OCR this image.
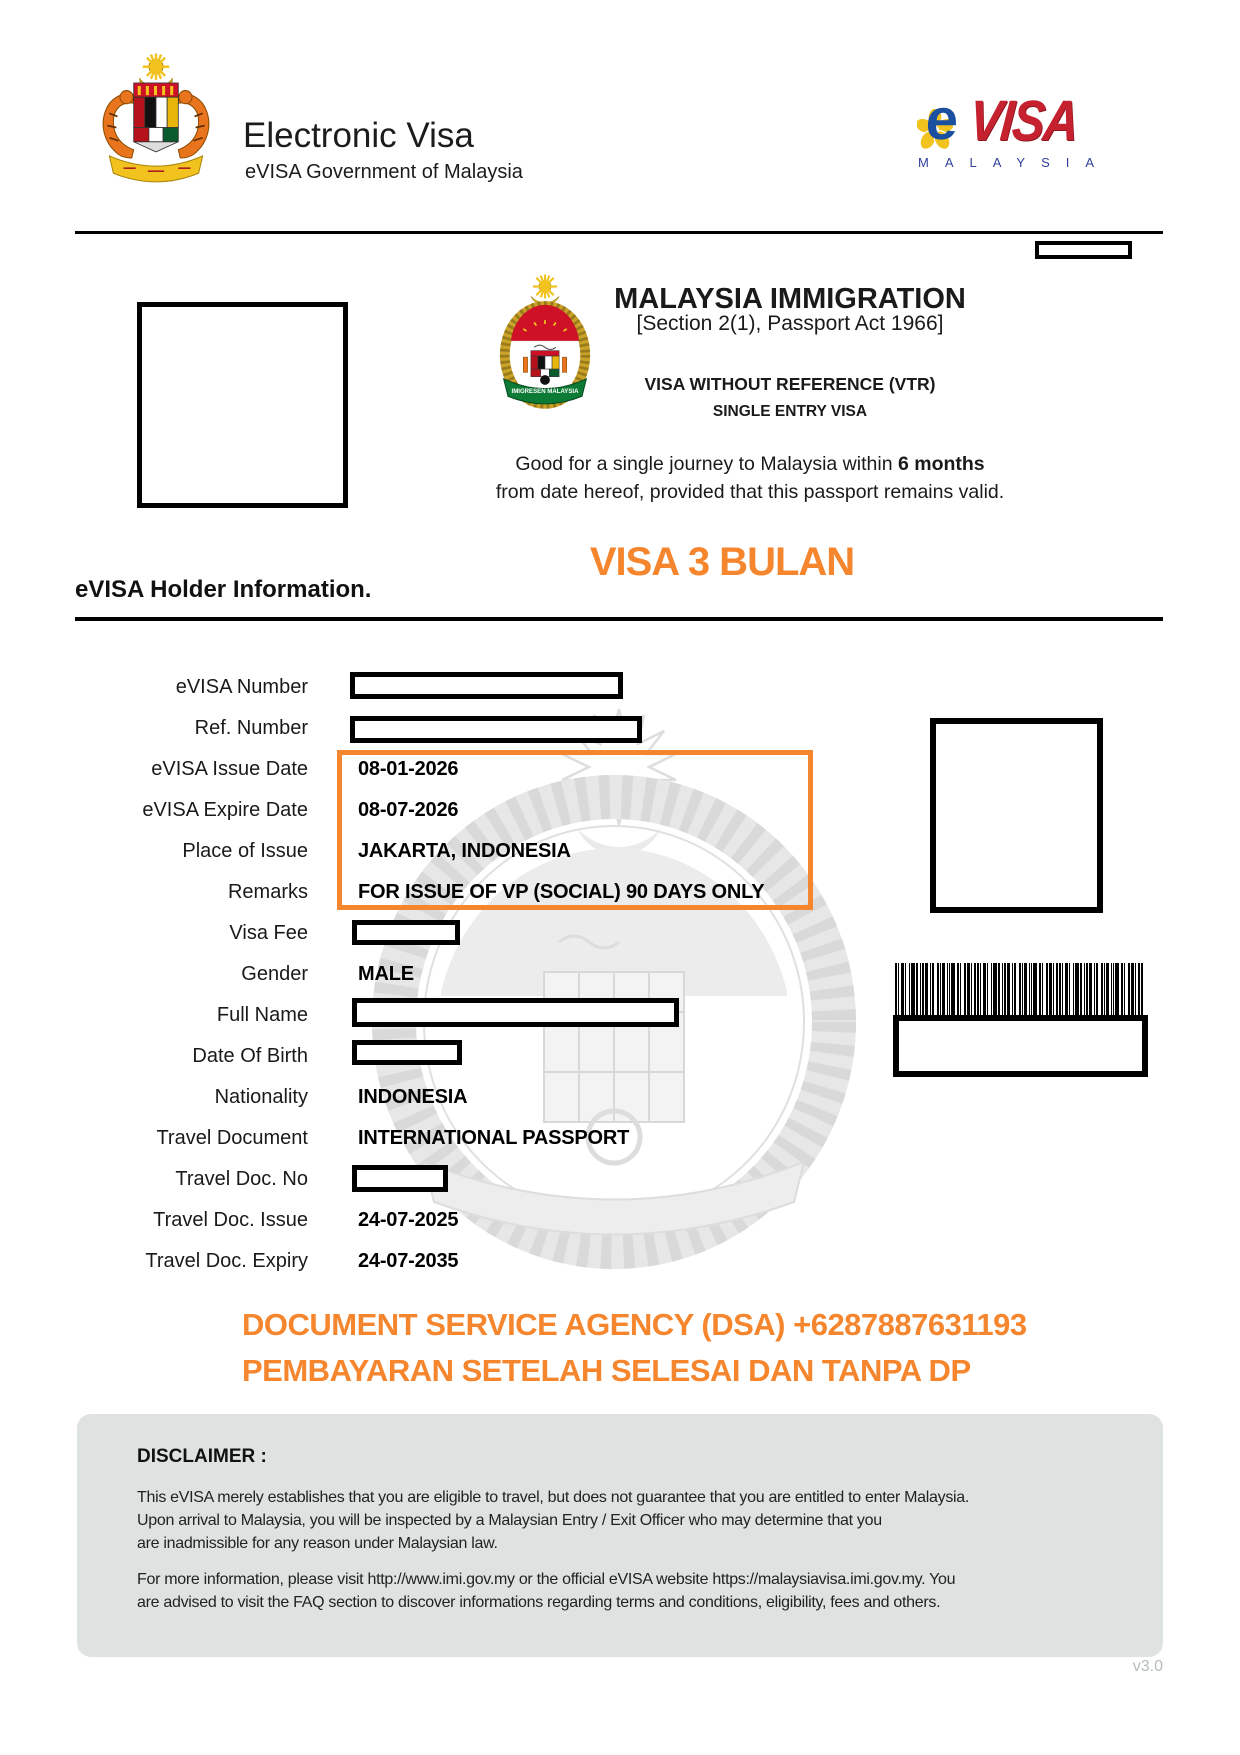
Electronic Visa
eVISA Government of Malaysia
e VISA
MALAYSIA
IMIGRESEN MALAYSIA
MALAYSIA IMMIGRATION
[Section 2(1), Passport Act 1966]
VISA WITHOUT REFERENCE (VTR)
SINGLE ENTRY VISA
Good for a single journey to Malaysia within 6 months
from date hereof, provided that this passport remains valid.
VISA 3 BULAN
eVISA Holder Information.
eVISA Number
Ref. Number
eVISA Issue Date	08-01-2026
eVISA Expire Date	08-07-2026
Place of Issue	JAKARTA, INDONESIA
Remarks	FOR ISSUE OF VP (SOCIAL) 90 DAYS ONLY
Visa Fee
Gender	MALE
Full Name
Date Of Birth
Nationality	INDONESIA
Travel Document	INTERNATIONAL PASSPORT
Travel Doc. No
Travel Doc. Issue	24-07-2025
Travel Doc. Expiry	24-07-2035
DOCUMENT SERVICE AGENCY (DSA) +6287887631193
PEMBAYARAN SETELAH SELESAI DAN TANPA DP
DISCLAIMER :
This eVISA merely establishes that you are eligible to travel, but does not guarantee that you are entitled to enter Malaysia.
Upon arrival to Malaysia, you will be inspected by a Malaysian Entry / Exit Officer who may determine that you
are inadmissible for any reason under Malaysian law.
For more information, please visit http://www.imi.gov.my or the official eVISA website https://malaysiavisa.imi.gov.my. You
are advised to visit the FAQ section to discover informations regarding terms and conditions, eligibility, fees and others.
v3.0
